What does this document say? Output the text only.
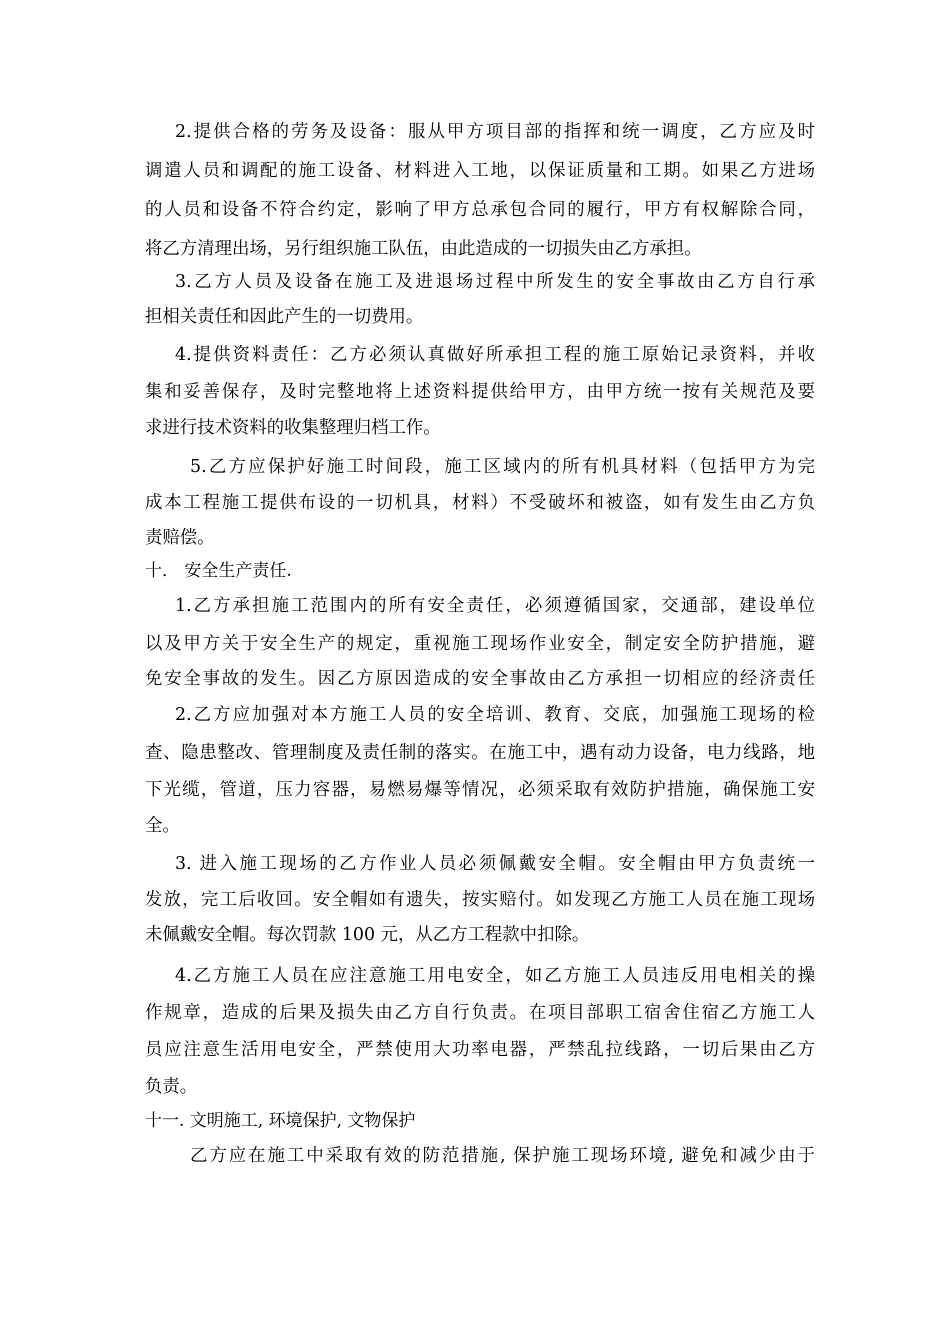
2.提供合格的劳务及设备：服从甲方项目部的指挥和统一调度，乙方应及时
调遣人员和调配的施工设备、材料进入工地，以保证质量和工期。如果乙方进场
的人员和设备不符合约定，影响了甲方总承包合同的履行，甲方有权解除合同，
将乙方清理出场，另行组织施工队伍，由此造成的一切损失由乙方承担。
3.乙方人员及设备在施工及进退场过程中所发生的安全事故由乙方自行承
担相关责任和因此产生的一切费用。
4.提供资料责任：乙方必须认真做好所承担工程的施工原始记录资料，并收
集和妥善保存，及时完整地将上述资料提供给甲方，由甲方统一按有关规范及要
求进行技术资料的收集整理归档工作。
5.乙方应保护好施工时间段，施工区域内的所有机具材料（包括甲方为完
成本工程施工提供布设的一切机具，材料）不受破坏和被盗，如有发生由乙方负
责赔偿。
十． 安全生产责任.
1.乙方承担施工范围内的所有安全责任，必须遵循国家，交通部，建设单位
以及甲方关于安全生产的规定，重视施工现场作业安全，制定安全防护措施，避
免安全事故的发生。因乙方原因造成的安全事故由乙方承担一切相应的经济责任
2.乙方应加强对本方施工人员的安全培训、教育、交底，加强施工现场的检
查、隐患整改、管理制度及责任制的落实。在施工中，遇有动力设备，电力线路，地
下光缆，管道，压力容器，易燃易爆等情况，必须采取有效防护措施，确保施工安
全。
3. 进入施工现场的乙方作业人员必须佩戴安全帽。安全帽由甲方负责统一
发放，完工后收回。安全帽如有遗失，按实赔付。如发现乙方施工人员在施工现场
未佩戴安全帽。每次罚款 100 元，从乙方工程款中扣除。
4.乙方施工人员在应注意施工用电安全，如乙方施工人员违反用电相关的操
作规章，造成的后果及损失由乙方自行负责。在项目部职工宿舍住宿乙方施工人
员应注意生活用电安全，严禁使用大功率电器，严禁乱拉线路，一切后果由乙方
负责。
十一. 文明施工, 环境保护, 文物保护
乙方应在施工中采取有效的防范措施, 保护施工现场环境, 避免和减少由于
